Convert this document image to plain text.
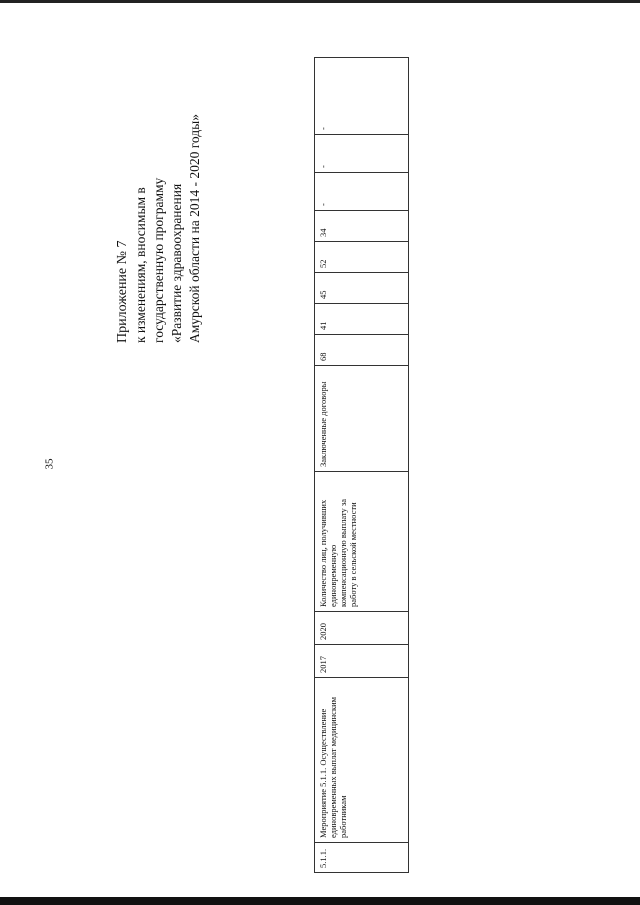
35
Приложение № 7 к изменениям, вносимым в государственную программу «Развитие здравоохранения Амурской области на 2014 - 2020 годы»
5.1.1.	Мероприятие 5.1.1. Осуществление единовременных выплат медицинским работникам	2017	2020	Количество лиц, получивших единовременную компенсационную выплату за работу в сельской местности	Заключенные договоры	68	41	45	52	34	-	-	-
